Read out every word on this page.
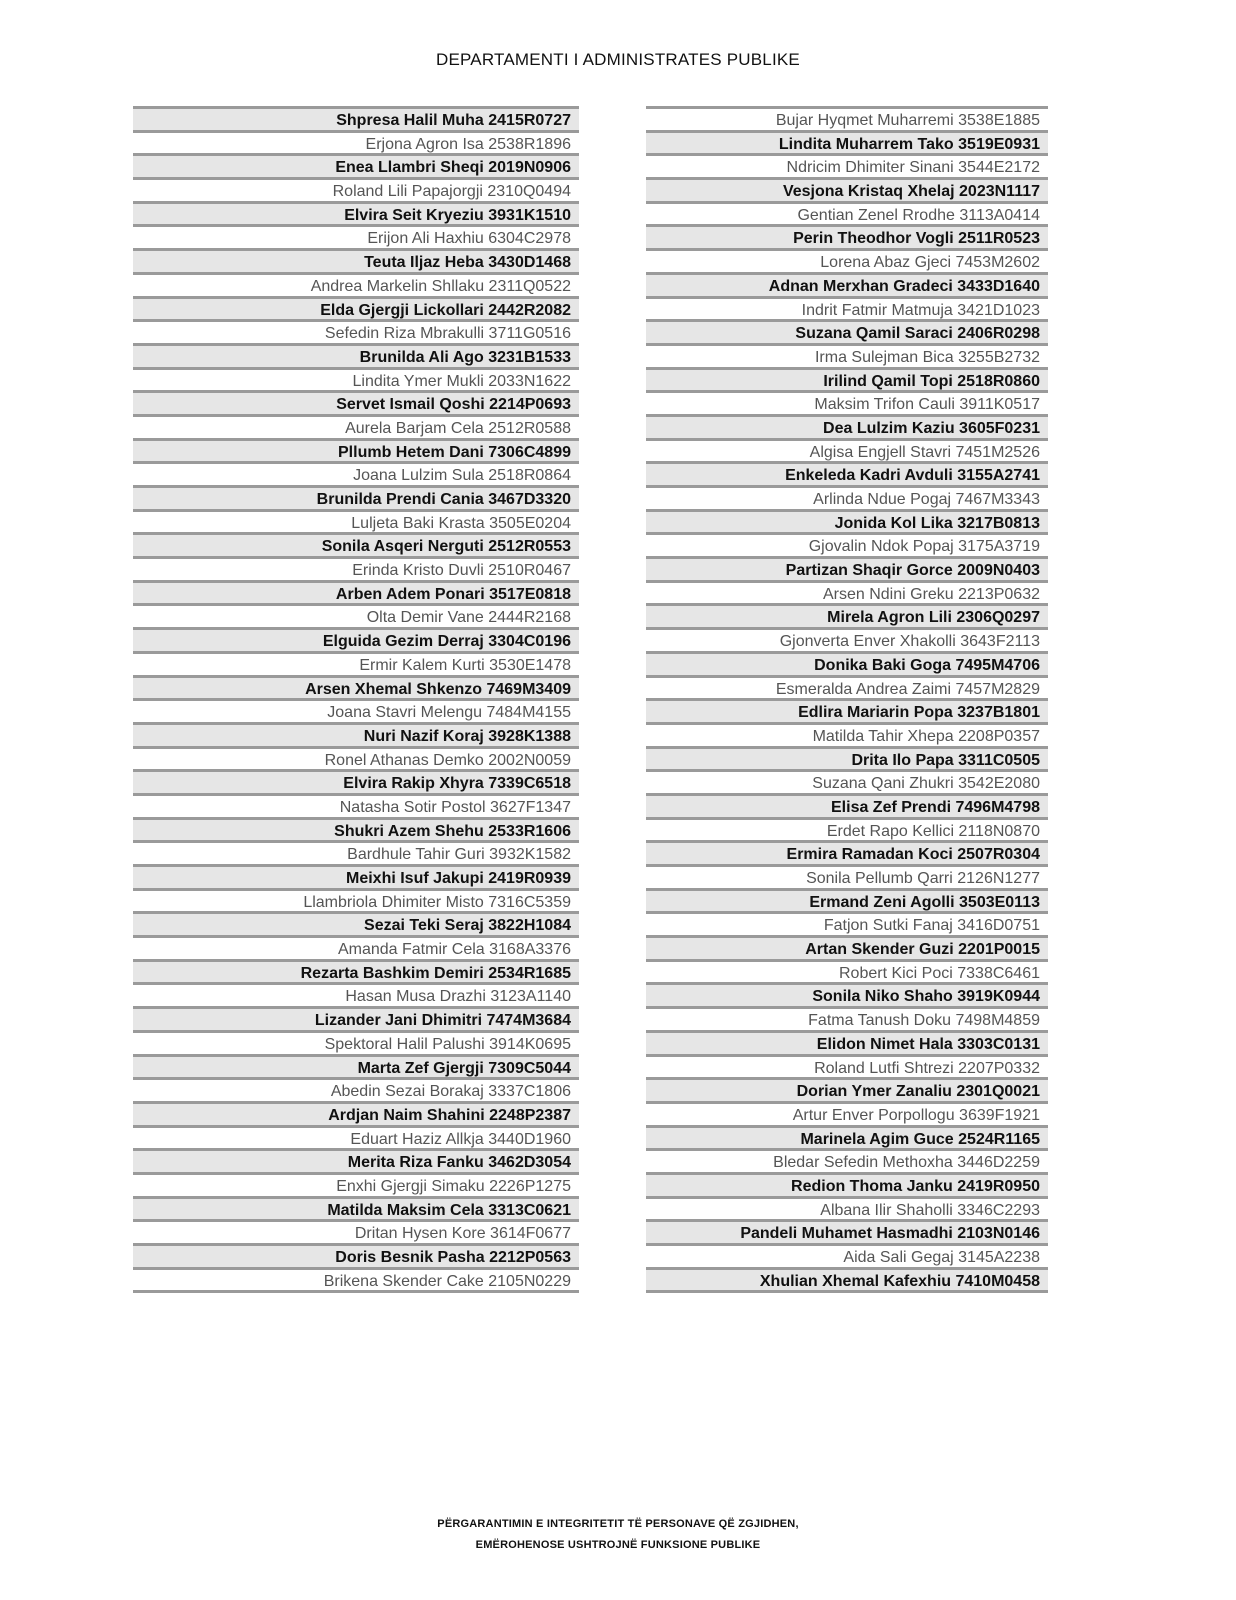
DEPARTAMENTI I ADMINISTRATES PUBLIKE
Shpresa Halil Muha 2415R0727
Erjona Agron Isa 2538R1896
Enea Llambri Sheqi 2019N0906
Roland Lili Papajorgji 2310Q0494
Elvira Seit Kryeziu 3931K1510
Erijon Ali Haxhiu 6304C2978
Teuta Iljaz Heba 3430D1468
Andrea Markelin Shllaku 2311Q0522
Elda Gjergji Lickollari 2442R2082
Sefedin Riza Mbrakulli 3711G0516
Brunilda Ali Ago 3231B1533
Lindita Ymer Mukli 2033N1622
Servet Ismail Qoshi 2214P0693
Aurela Barjam Cela 2512R0588
Pllumb Hetem Dani 7306C4899
Joana Lulzim Sula 2518R0864
Brunilda Prendi Cania 3467D3320
Luljeta Baki Krasta 3505E0204
Sonila Asqeri Nerguti 2512R0553
Erinda Kristo Duvli 2510R0467
Arben Adem Ponari 3517E0818
Olta Demir Vane 2444R2168
Elguida Gezim Derraj 3304C0196
Ermir Kalem Kurti 3530E1478
Arsen Xhemal Shkenzo 7469M3409
Joana Stavri Melengu 7484M4155
Nuri Nazif Koraj 3928K1388
Ronel Athanas Demko 2002N0059
Elvira Rakip Xhyra 7339C6518
Natasha Sotir Postol 3627F1347
Shukri Azem Shehu 2533R1606
Bardhule Tahir Guri 3932K1582
Meixhi Isuf Jakupi 2419R0939
Llambriola Dhimiter Misto 7316C5359
Sezai Teki Seraj 3822H1084
Amanda Fatmir Cela 3168A3376
Rezarta Bashkim Demiri 2534R1685
Hasan Musa Drazhi 3123A1140
Lizander Jani Dhimitri 7474M3684
Spektoral Halil Palushi 3914K0695
Marta Zef Gjergji 7309C5044
Abedin Sezai Borakaj 3337C1806
Ardjan Naim Shahini 2248P2387
Eduart Haziz Allkja 3440D1960
Merita Riza Fanku 3462D3054
Enxhi Gjergji Simaku 2226P1275
Matilda Maksim Cela 3313C0621
Dritan Hysen Kore 3614F0677
Doris Besnik Pasha 2212P0563
Brikena Skender Cake 2105N0229
Bujar Hyqmet Muharremi 3538E1885
Lindita Muharrem Tako 3519E0931
Ndricim Dhimiter Sinani 3544E2172
Vesjona Kristaq Xhelaj 2023N1117
Gentian Zenel Rrodhe 3113A0414
Perin Theodhor Vogli 2511R0523
Lorena Abaz Gjeci 7453M2602
Adnan Merxhan Gradeci 3433D1640
Indrit Fatmir Matmuja 3421D1023
Suzana Qamil Saraci 2406R0298
Irma Sulejman Bica 3255B2732
Irilind Qamil Topi 2518R0860
Maksim Trifon Cauli 3911K0517
Dea Lulzim Kaziu 3605F0231
Algisa Engjell Stavri 7451M2526
Enkeleda Kadri Avduli 3155A2741
Arlinda Ndue Pogaj 7467M3343
Jonida Kol Lika 3217B0813
Gjovalin Ndok Popaj 3175A3719
Partizan Shaqir Gorce 2009N0403
Arsen Ndini Greku 2213P0632
Mirela Agron Lili 2306Q0297
Gjonverta Enver Xhakolli 3643F2113
Donika Baki Goga 7495M4706
Esmeralda Andrea Zaimi 7457M2829
Edlira Mariarin Popa 3237B1801
Matilda Tahir Xhepa 2208P0357
Drita Ilo Papa 3311C0505
Suzana Qani Zhukri 3542E2080
Elisa Zef Prendi 7496M4798
Erdet Rapo Kellici 2118N0870
Ermira Ramadan Koci 2507R0304
Sonila Pellumb Qarri 2126N1277
Ermand Zeni Agolli 3503E0113
Fatjon Sutki Fanaj 3416D0751
Artan Skender Guzi 2201P0015
Robert Kici Poci 7338C6461
Sonila Niko Shaho 3919K0944
Fatma Tanush Doku 7498M4859
Elidon Nimet Hala 3303C0131
Roland Lutfi Shtrezi 2207P0332
Dorian Ymer Zanaliu 2301Q0021
Artur Enver Porpollogu 3639F1921
Marinela Agim Guce 2524R1165
Bledar Sefedin Methoxha 3446D2259
Redion Thoma Janku 2419R0950
Albana Ilir Shaholli 3346C2293
Pandeli Muhamet Hasmadhi 2103N0146
Aida Sali Gegaj 3145A2238
Xhulian Xhemal Kafexhiu 7410M0458
PËRGARANTIMIN E INTEGRITETIT TË PERSONAVE QË ZGJIDHEN,
EMËROHENOSE USHTROJNË FUNKSIONE PUBLIKE
